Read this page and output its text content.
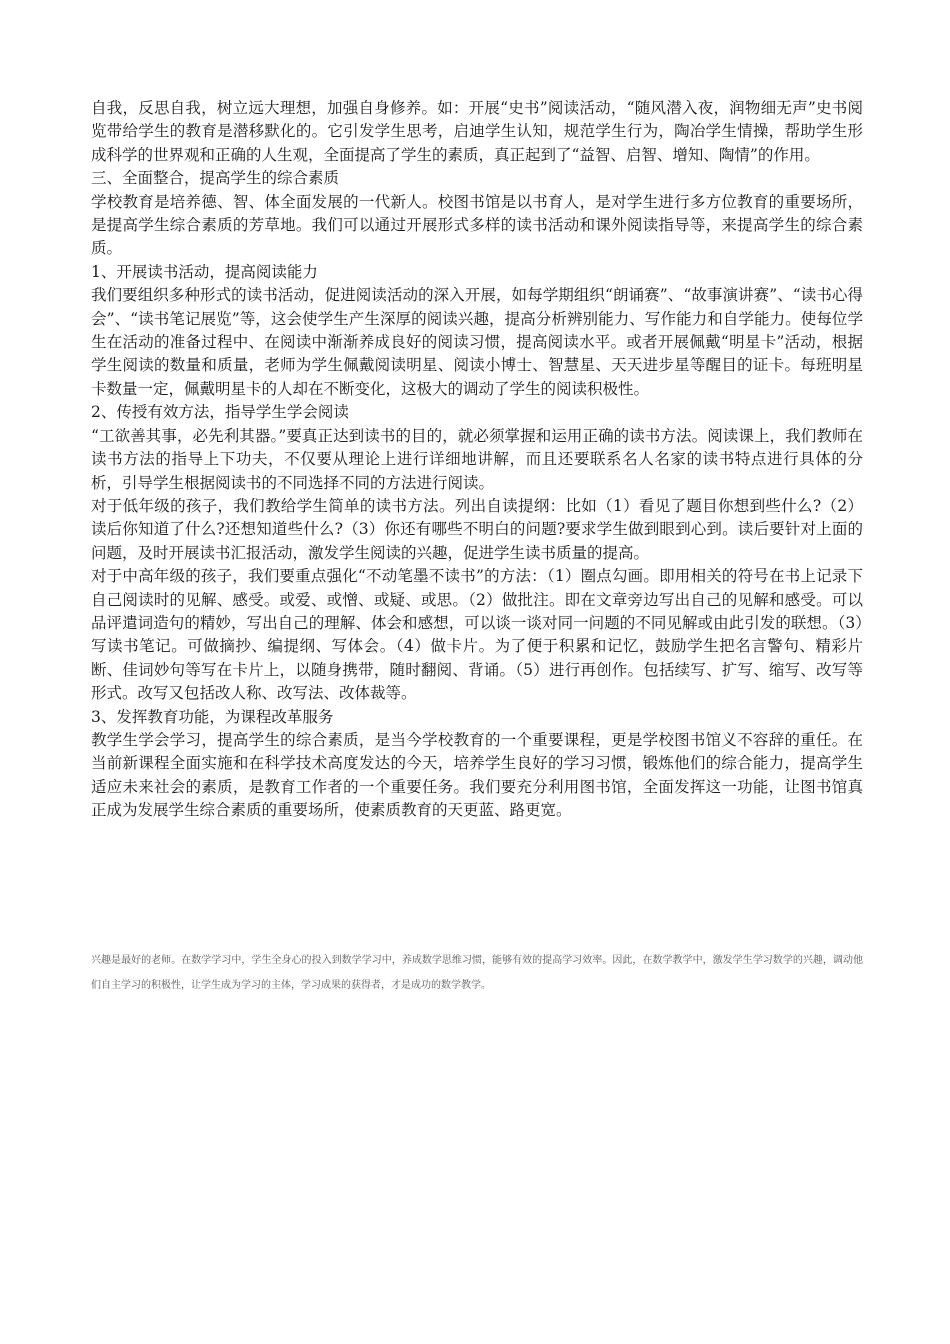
自我，反思自我，树立远大理想，加强自身修养。如：开展“史书”阅读活动，“随风潜入夜，润物细无声”史书阅览带给学生的教育是潜移默化的。它引发学生思考，启迪学生认知，规范学生行为，陶冶学生情操，帮助学生形成科学的世界观和正确的人生观，全面提高了学生的素质，真正起到了“益智、启智、增知、陶情”的作用。

三、全面整合，提高学生的综合素质

学校教育是培养德、智、体全面发展的一代新人。校图书馆是以书育人，是对学生进行多方位教育的重要场所，是提高学生综合素质的芳草地。我们可以通过开展形式多样的读书活动和课外阅读指导等，来提高学生的综合素质。

1、开展读书活动，提高阅读能力

我们要组织多种形式的读书活动，促进阅读活动的深入开展，如每学期组织“朗诵赛”、“故事演讲赛”、“读书心得会”、“读书笔记展览”等，这会使学生产生深厚的阅读兴趣，提高分析辨别能力、写作能力和自学能力。使每位学生在活动的准备过程中、在阅读中渐渐养成良好的阅读习惯，提高阅读水平。或者开展佩戴“明星卡”活动，根据学生阅读的数量和质量，老师为学生佩戴阅读明星、阅读小博士、智慧星、天天进步星等醒目的证卡。每班明星卡数量一定，佩戴明星卡的人却在不断变化，这极大的调动了学生的阅读积极性。

2、传授有效方法，指导学生学会阅读

“工欲善其事，必先利其器。”要真正达到读书的目的，就必须掌握和运用正确的读书方法。阅读课上，我们教师在读书方法的指导上下功夫，不仅要从理论上进行详细地讲解，而且还要联系名人名家的读书特点进行具体的分析，引导学生根据阅读书的不同选择不同的方法进行阅读。

对于低年级的孩子，我们教给学生简单的读书方法。列出自读提纲：比如（1）看见了题目你想到些什么?（2）读后你知道了什么?还想知道些什么?（3）你还有哪些不明白的问题?要求学生做到眼到心到。读后要针对上面的问题，及时开展读书汇报活动，激发学生阅读的兴趣，促进学生读书质量的提高。

对于中高年级的孩子，我们要重点强化“不动笔墨不读书”的方法：（1）圈点勾画。即用相关的符号在书上记录下自己阅读时的见解、感受。或爱、或憎、或疑、或思。（2）做批注。即在文章旁边写出自己的见解和感受。可以品评遣词造句的精妙，写出自己的理解、体会和感想，可以谈一谈对同一问题的不同见解或由此引发的联想。（3）写读书笔记。可做摘抄、编提纲、写体会。（4）做卡片。为了便于积累和记忆，鼓励学生把名言警句、精彩片断、佳词妙句等写在卡片上，以随身携带，随时翻阅、背诵。（5）进行再创作。包括续写、扩写、缩写、改写等形式。改写又包括改人称、改写法、改体裁等。

3、发挥教育功能，为课程改革服务

教学生学会学习，提高学生的综合素质，是当今学校教育的一个重要课程，更是学校图书馆义不容辞的重任。在当前新课程全面实施和在科学技术高度发达的今天，培养学生良好的学习习惯，锻炼他们的综合能力，提高学生适应未来社会的素质，是教育工作者的一个重要任务。我们要充分利用图书馆，全面发挥这一功能，让图书馆真正成为发展学生综合素质的重要场所，使素质教育的天更蓝、路更宽。

兴趣是最好的老师。在数学学习中，学生全身心的投入到数学学习中，养成数学思维习惯，能够有效的提高学习效率。因此，在数学教学中，激发学生学习数学的兴趣，调动他们自主学习的积极性，让学生成为学习的主体，学习成果的获得者，才是成功的数学教学。
